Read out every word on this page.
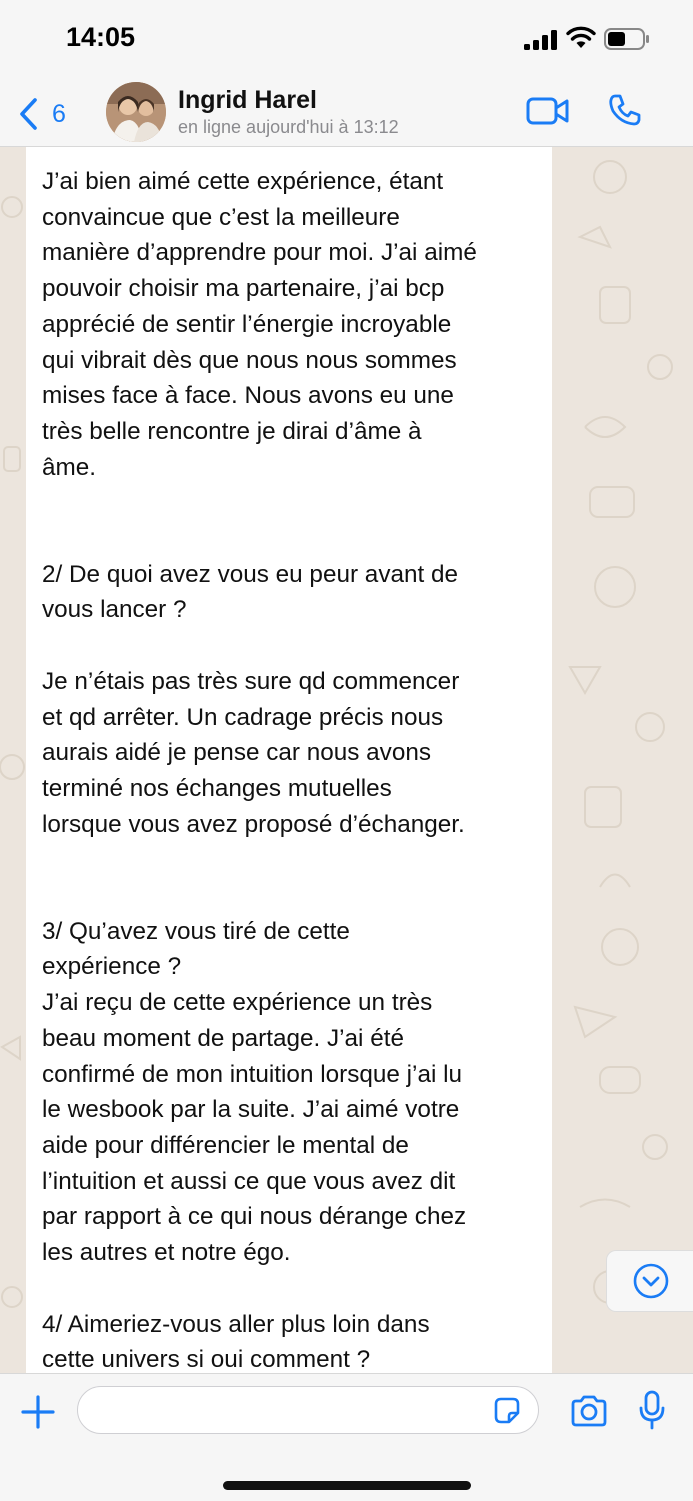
14:05
6	Ingrid Harel
en ligne aujourd'hui à 13:12
J’ai bien aimé cette expérience, étant
convaincue que c’est la meilleure
manière d’apprendre pour moi. J’ai aimé
pouvoir choisir ma partenaire, j’ai bcp
apprécié de sentir l’énergie incroyable
qui vibrait dès que nous nous sommes
mises face à face. Nous avons eu une
très belle rencontre je dirai d’âme à
âme.

2/ De quoi avez vous eu peur avant de
vous lancer ?

Je n’étais pas très sure qd commencer
et qd arrêter. Un cadrage précis nous
aurais aidé je pense car nous avons
terminé nos échanges mutuelles
lorsque vous avez proposé d’échanger.

3/ Qu’avez vous tiré de cette
expérience ?
J’ai reçu de cette expérience un très
beau moment de partage. J’ai été
confirmé de mon intuition lorsque j’ai lu
le wesbook par la suite. J’ai aimé votre
aide pour différencier le mental de
l’intuition et aussi ce que vous avez dit
par rapport à ce qui nous dérange chez
les autres et notre égo.

4/ Aimeriez-vous aller plus loin dans
cette univers si oui comment ?
